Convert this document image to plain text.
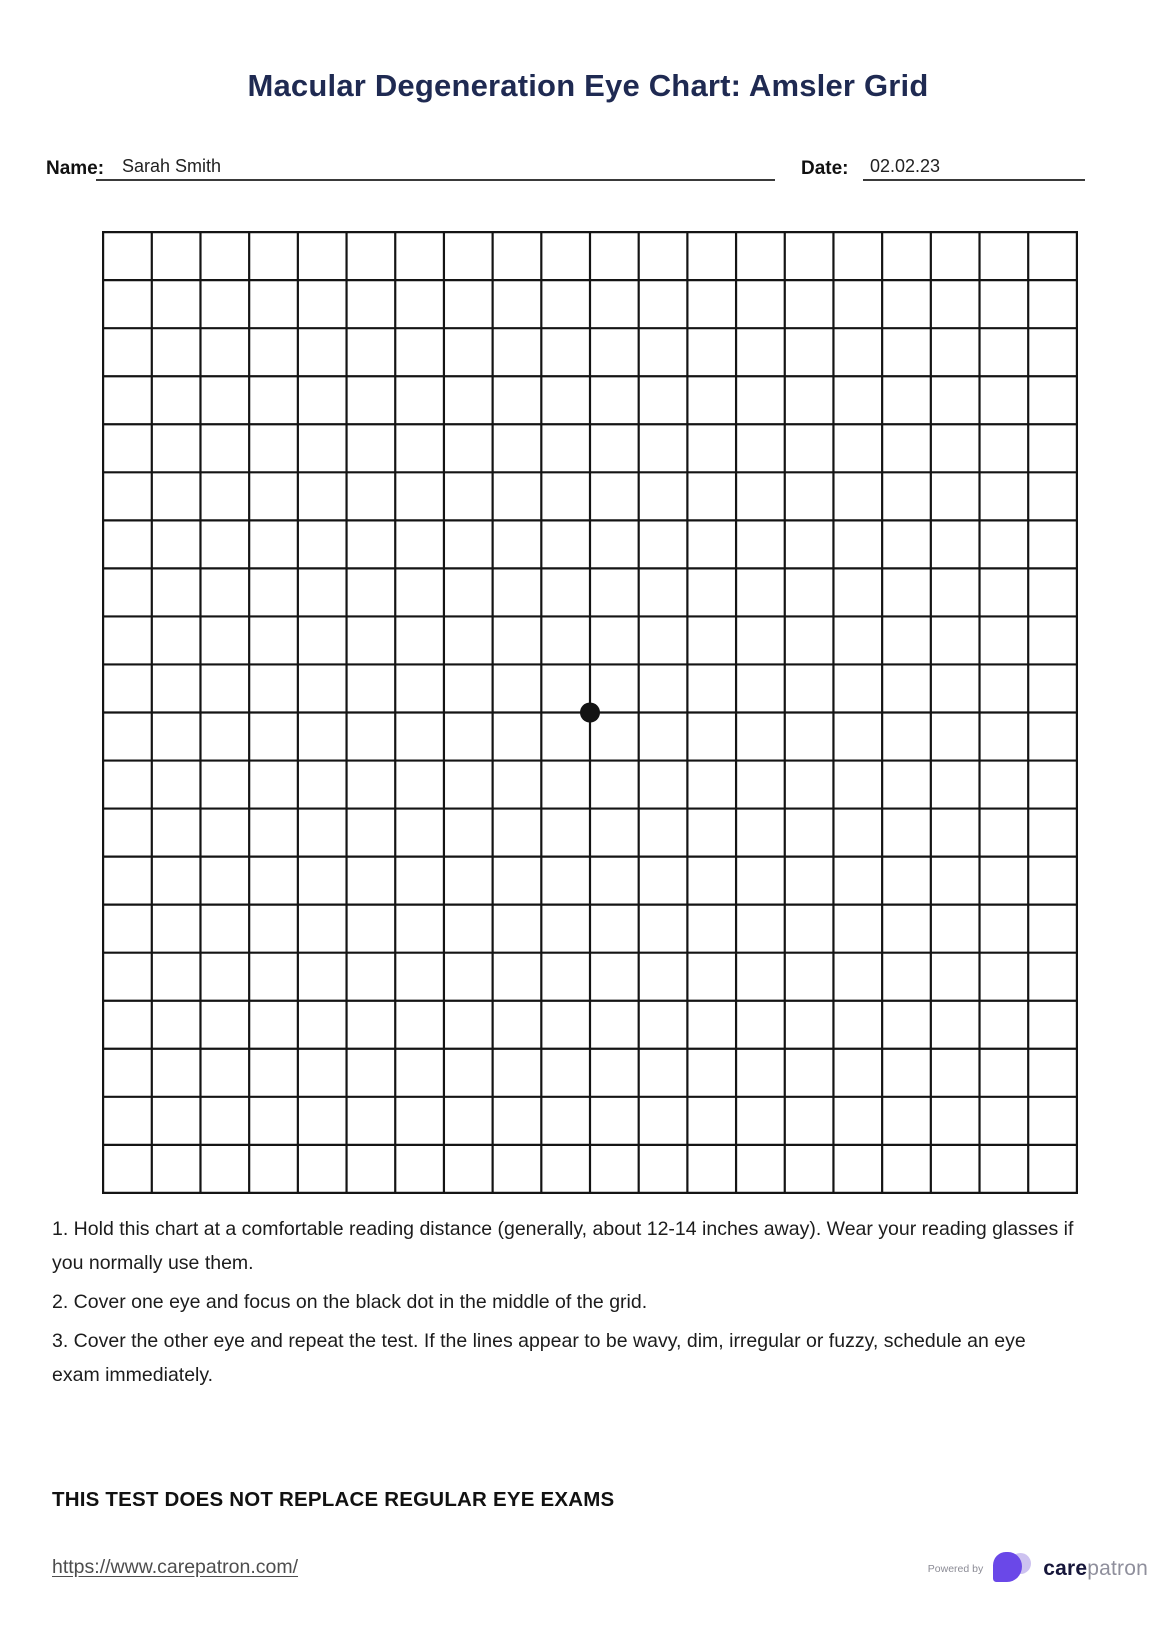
Macular Degeneration Eye Chart: Amsler Grid
Name: Sarah Smith	Date:	02.02.23

1. Hold this chart at a comfortable reading distance (generally, about 12-14 inches away). Wear your reading glasses if you normally use them.

2. Cover one eye and focus on the black dot in the middle of the grid.

3. Cover the other eye and repeat the test. If the lines appear to be wavy, dim, irregular or fuzzy, schedule an eye exam immediately.

THIS TEST DOES NOT REPLACE REGULAR EYE EXAMS
https://www.carepatron.com/	Powered by	carepatron
